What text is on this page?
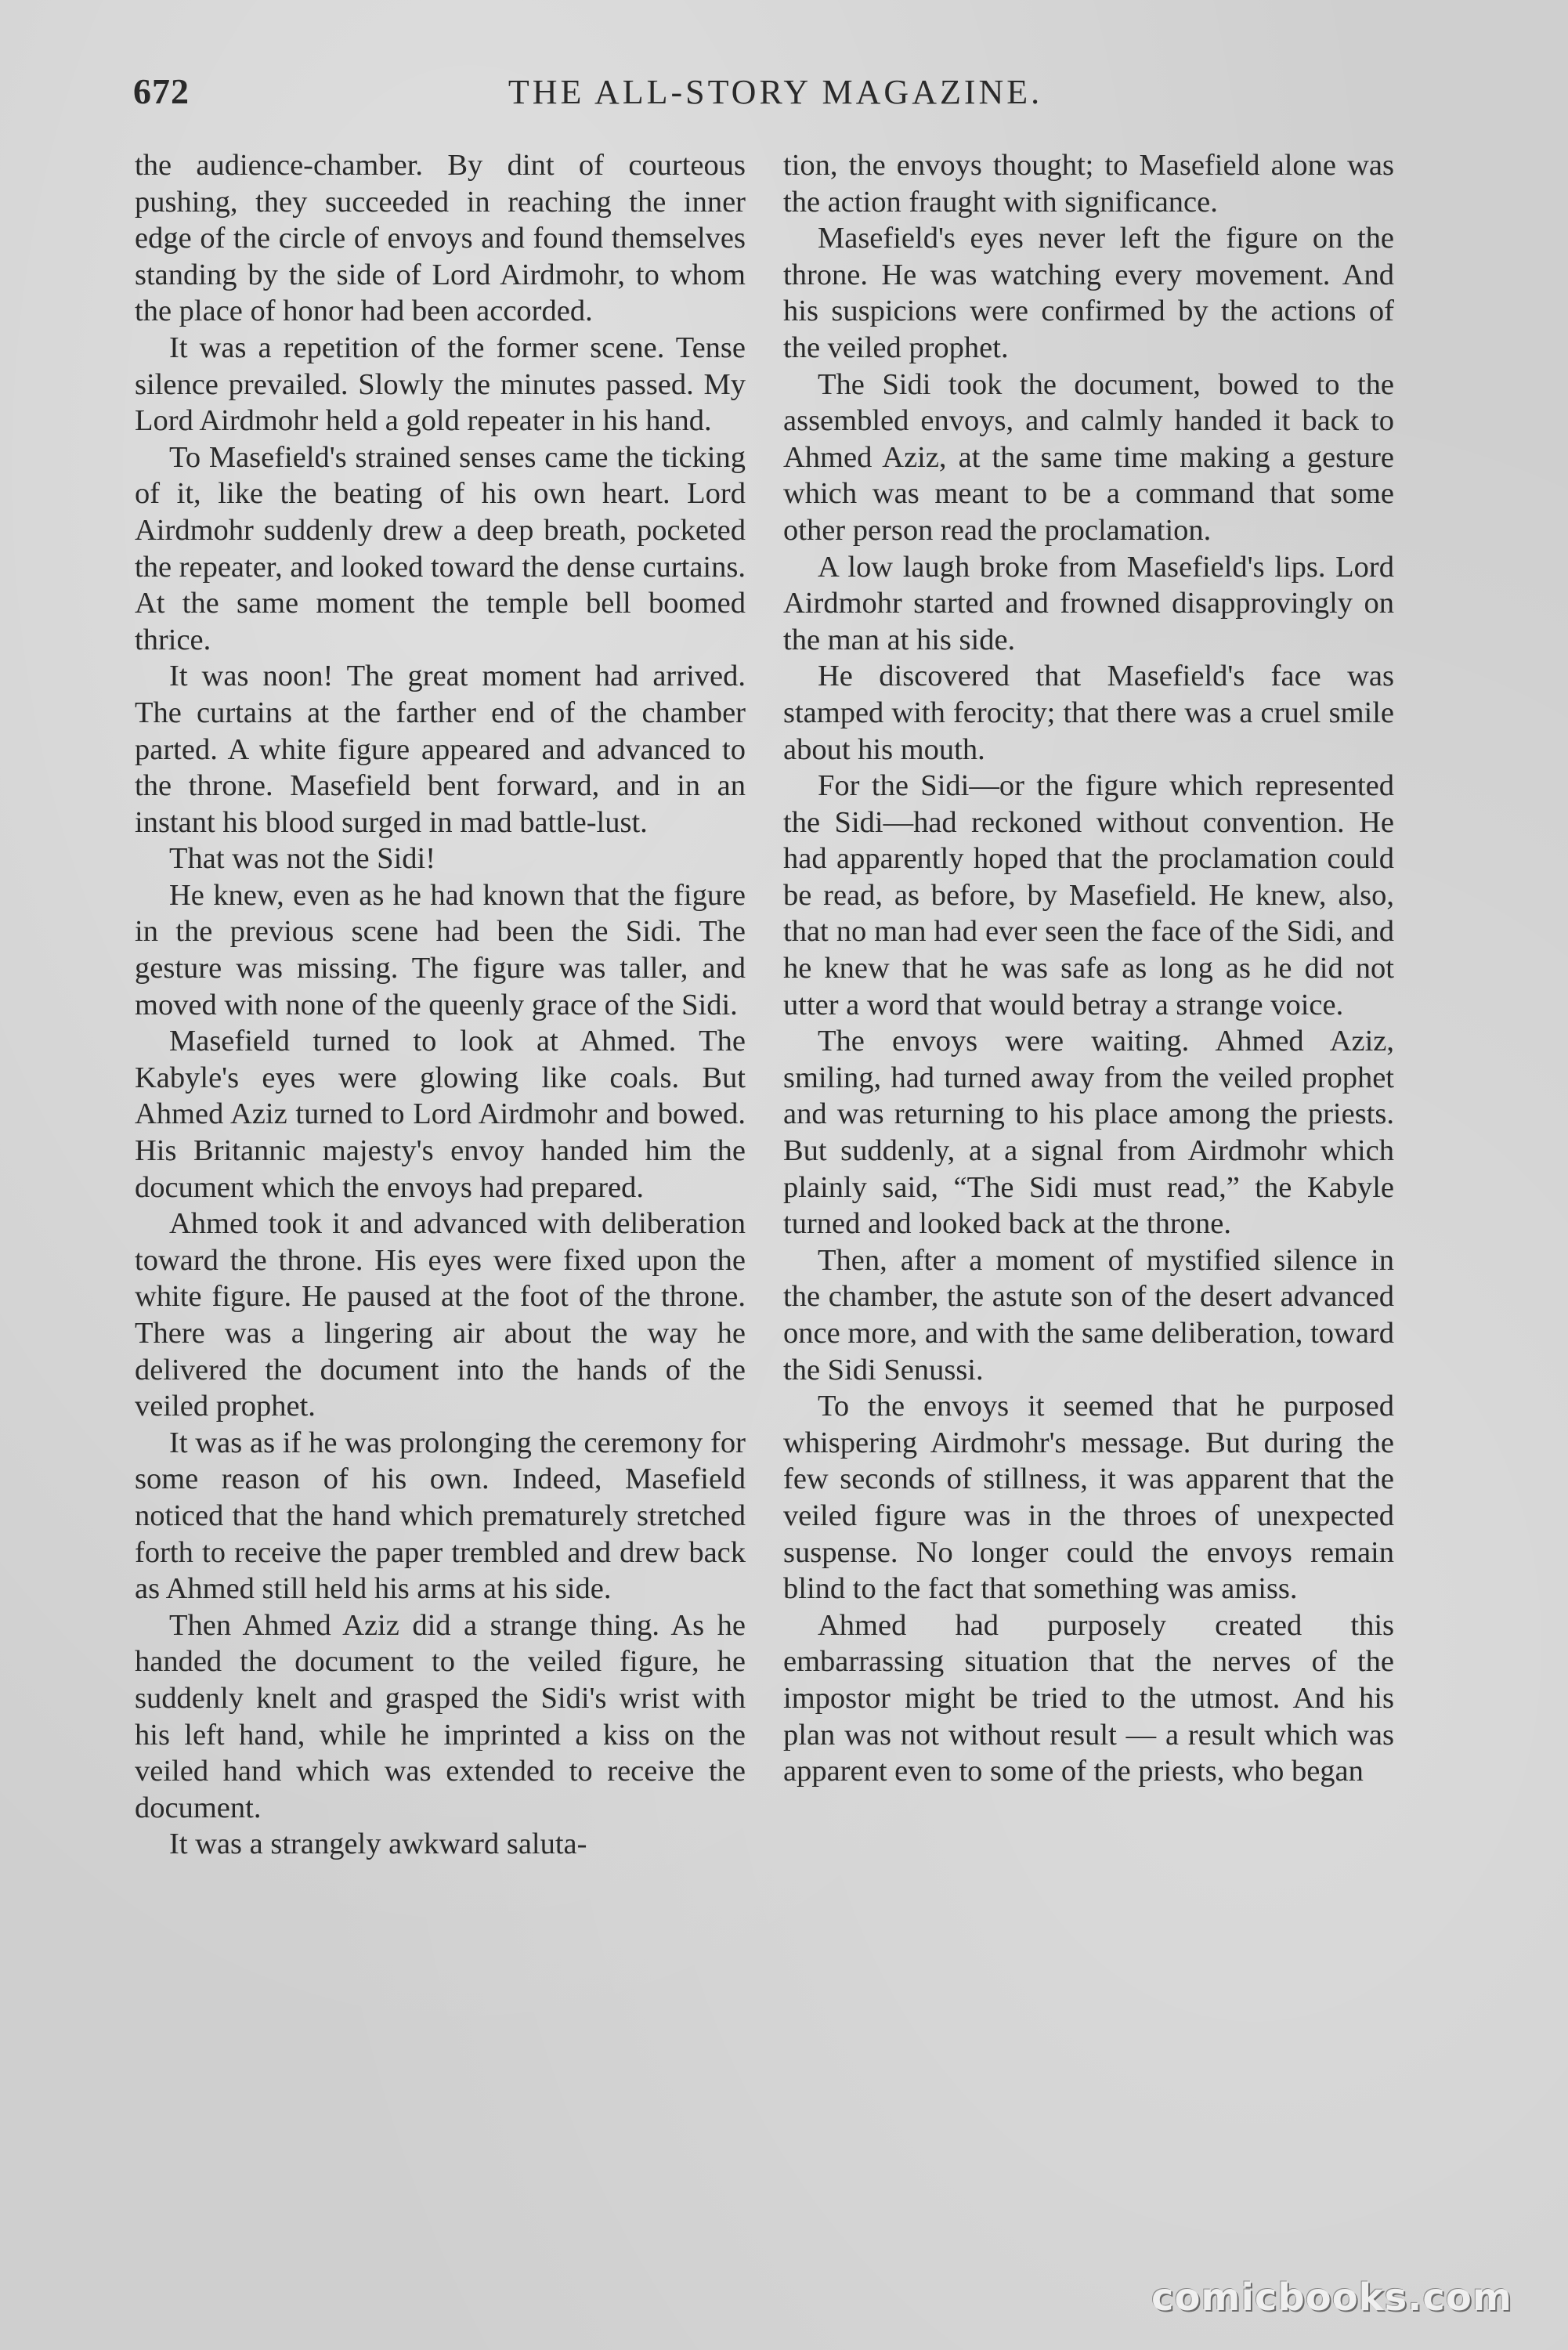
672	THE ALL-STORY MAGAZINE.

the audience-chamber. By dint of courteous pushing, they succeeded in reaching the inner edge of the circle of envoys and found themselves standing by the side of Lord Airdmohr, to whom the place of honor had been accorded.

It was a repetition of the former scene. Tense silence prevailed. Slowly the minutes passed. My Lord Airdmohr held a gold repeater in his hand.

To Masefield's strained senses came the ticking of it, like the beating of his own heart. Lord Airdmohr suddenly drew a deep breath, pocketed the repeater, and looked toward the dense curtains. At the same moment the temple bell boomed thrice.

It was noon! The great moment had arrived. The curtains at the farther end of the chamber parted. A white figure appeared and advanced to the throne. Masefield bent forward, and in an instant his blood surged in mad battle-lust.

That was not the Sidi!

He knew, even as he had known that the figure in the previous scene had been the Sidi. The gesture was missing. The figure was taller, and moved with none of the queenly grace of the Sidi.

Masefield turned to look at Ahmed. The Kabyle's eyes were glowing like coals. But Ahmed Aziz turned to Lord Airdmohr and bowed. His Britannic majesty's envoy handed him the document which the envoys had prepared.

Ahmed took it and advanced with deliberation toward the throne. His eyes were fixed upon the white figure. He paused at the foot of the throne. There was a lingering air about the way he delivered the document into the hands of the veiled prophet.

It was as if he was prolonging the ceremony for some reason of his own. Indeed, Masefield noticed that the hand which prematurely stretched forth to receive the paper trembled and drew back as Ahmed still held his arms at his side.

Then Ahmed Aziz did a strange thing. As he handed the document to the veiled figure, he suddenly knelt and grasped the Sidi's wrist with his left hand, while he imprinted a kiss on the veiled hand which was extended to receive the document.

It was a strangely awkward saluta-

tion, the envoys thought; to Masefield alone was the action fraught with significance.

Masefield's eyes never left the figure on the throne. He was watching every movement. And his suspicions were confirmed by the actions of the veiled prophet.

The Sidi took the document, bowed to the assembled envoys, and calmly handed it back to Ahmed Aziz, at the same time making a gesture which was meant to be a command that some other person read the proclamation.

A low laugh broke from Masefield's lips. Lord Airdmohr started and frowned disapprovingly on the man at his side.

He discovered that Masefield's face was stamped with ferocity; that there was a cruel smile about his mouth.

For the Sidi—or the figure which represented the Sidi—had reckoned without convention. He had apparently hoped that the proclamation could be read, as before, by Masefield. He knew, also, that no man had ever seen the face of the Sidi, and he knew that he was safe as long as he did not utter a word that would betray a strange voice.

The envoys were waiting. Ahmed Aziz, smiling, had turned away from the veiled prophet and was returning to his place among the priests. But suddenly, at a signal from Airdmohr which plainly said, “The Sidi must read,” the Kabyle turned and looked back at the throne.

Then, after a moment of mystified silence in the chamber, the astute son of the desert advanced once more, and with the same deliberation, toward the Sidi Senussi.

To the envoys it seemed that he purposed whispering Airdmohr's message. But during the few seconds of stillness, it was apparent that the veiled figure was in the throes of unexpected suspense. No longer could the envoys remain blind to the fact that something was amiss.

Ahmed had purposely created this embarrassing situation that the nerves of the impostor might be tried to the utmost. And his plan was not without result — a result which was apparent even to some of the priests, who began

comicbooks.com
